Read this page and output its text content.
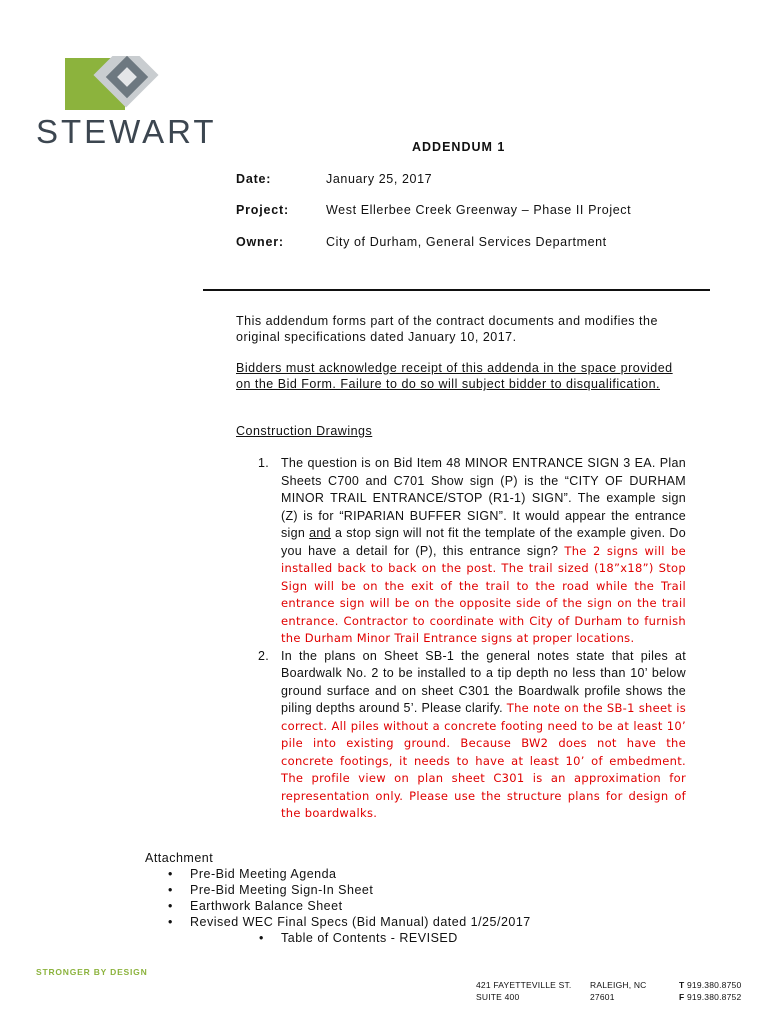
STEWART	ADDENDUM 1
Date:	January 25, 2017
Project:	West Ellerbee Creek Greenway – Phase II Project
Owner:	City of Durham, General Services Department
This addendum forms part of the contract documents and modifies the original specifications dated January 10, 2017.
Bidders must acknowledge receipt of this addenda in the space provided on the Bid Form. Failure to do so will subject bidder to disqualification.
Construction Drawings
1. The question is on Bid Item 48 MINOR ENTRANCE SIGN 3 EA. Plan Sheets C700 and C701 Show sign (P) is the “CITY OF DURHAM MINOR TRAIL ENTRANCE/STOP (R1-1) SIGN”. The example sign (Z) is for “RIPARIAN BUFFER SIGN”. It would appear the entrance sign and a stop sign will not fit the template of the example given. Do you have a detail for (P), this entrance sign? The 2 signs will be installed back to back on the post. The trail sized (18”x18”) Stop Sign will be on the exit of the trail to the road while the Trail entrance sign will be on the opposite side of the sign on the trail entrance. Contractor to coordinate with City of Durham to furnish the Durham Minor Trail Entrance signs at proper locations.
2. In the plans on Sheet SB-1 the general notes state that piles at Boardwalk No. 2 to be installed to a tip depth no less than 10’ below ground surface and on sheet C301 the Boardwalk profile shows the piling depths around 5’. Please clarify. The note on the SB-1 sheet is correct. All piles without a concrete footing need to be at least 10’ pile into existing ground. Because BW2 does not have the concrete footings, it needs to have at least 10’ of embedment. The profile view on plan sheet C301 is an approximation for representation only. Please use the structure plans for design of the boardwalks.
Attachment
• Pre-Bid Meeting Agenda
• Pre-Bid Meeting Sign-In Sheet
• Earthwork Balance Sheet
• Revised WEC Final Specs (Bid Manual) dated 1/25/2017
• Table of Contents - REVISED
STRONGER BY DESIGN
421 FAYETTEVILLE ST.
SUITE 400
RALEIGH, NC
27601
T 919.380.8750
F 919.380.8752
